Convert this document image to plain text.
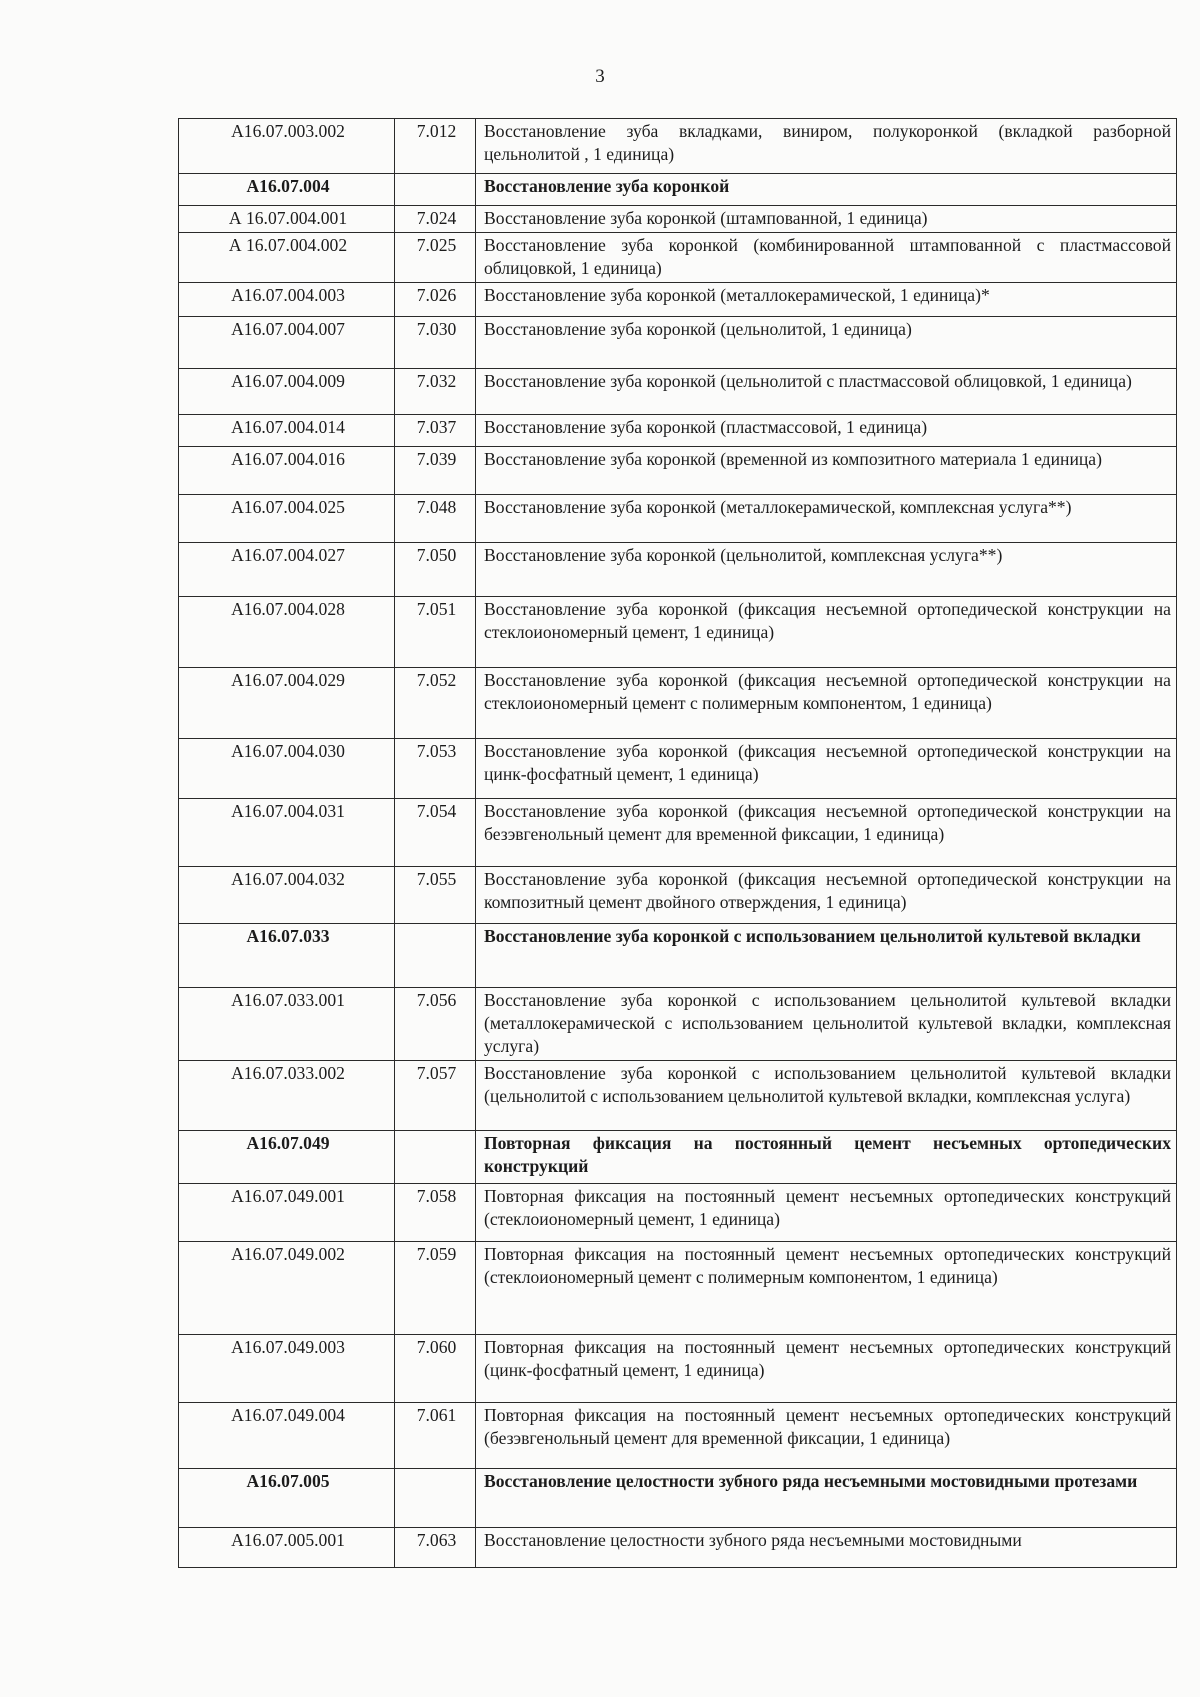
3
A16.07.003.002	7.012	Восстановление зуба вкладками, виниром, полукоронкой (вкладкой разборной цельнолитой , 1 единица)
A16.07.004		Восстановление зуба коронкой
А 16.07.004.001	7.024	Восстановление зуба коронкой (штампованной, 1 единица)
А 16.07.004.002	7.025	Восстановление зуба коронкой (комбинированной штампованной с пластмассовой облицовкой, 1 единица)
A16.07.004.003	7.026	Восстановление зуба коронкой (металлокерамической, 1 единица)*
A16.07.004.007	7.030	Восстановление зуба коронкой (цельнолитой, 1 единица)
A16.07.004.009	7.032	Восстановление зуба коронкой (цельнолитой с пластмассовой облицовкой, 1 единица)
A16.07.004.014	7.037	Восстановление зуба коронкой (пластмассовой, 1 единица)
A16.07.004.016	7.039	Восстановление зуба коронкой (временной из композитного материала 1 единица)
A16.07.004.025	7.048	Восстановление зуба коронкой (металлокерамической, комплексная услуга**)
A16.07.004.027	7.050	Восстановление зуба коронкой (цельнолитой, комплексная услуга**)
A16.07.004.028	7.051	Восстановление зуба коронкой (фиксация несъемной ортопедической конструкции на стеклоиономерный цемент, 1 единица)
A16.07.004.029	7.052	Восстановление зуба коронкой (фиксация несъемной ортопедической конструкции на стеклоиономерный цемент с полимерным компонентом, 1 единица)
A16.07.004.030	7.053	Восстановление зуба коронкой (фиксация несъемной ортопедической конструкции на цинк-фосфатный цемент, 1 единица)
A16.07.004.031	7.054	Восстановление зуба коронкой (фиксация несъемной ортопедической конструкции на безэвгенольный цемент для временной фиксации, 1 единица)
A16.07.004.032	7.055	Восстановление зуба коронкой (фиксация несъемной ортопедической конструкции на композитный цемент двойного отверждения, 1 единица)
A16.07.033		Восстановление зуба коронкой с использованием цельнолитой культевой вкладки
A16.07.033.001	7.056	Восстановление зуба коронкой с использованием цельнолитой культевой вкладки (металлокерамической с использованием цельнолитой культевой вкладки, комплексная услуга)
A16.07.033.002	7.057	Восстановление зуба коронкой с использованием цельнолитой культевой вкладки (цельнолитой с использованием цельнолитой культевой вкладки, комплексная услуга)
A16.07.049		Повторная фиксация на постоянный цемент несъемных ортопедических конструкций
A16.07.049.001	7.058	Повторная фиксация на постоянный цемент несъемных ортопедических конструкций (стеклоиономерный цемент, 1 единица)
A16.07.049.002	7.059	Повторная фиксация на постоянный цемент несъемных ортопедических конструкций (стеклоиономерный цемент с полимерным компонентом, 1 единица)
A16.07.049.003	7.060	Повторная фиксация на постоянный цемент несъемных ортопедических конструкций (цинк-фосфатный цемент, 1 единица)
A16.07.049.004	7.061	Повторная фиксация на постоянный цемент несъемных ортопедических конструкций (безэвгенольный цемент для временной фиксации, 1 единица)
A16.07.005		Восстановление целостности зубного ряда несъемными мостовидными протезами
A16.07.005.001	7.063	Восстановление целостности зубного ряда несъемными мостовидными
